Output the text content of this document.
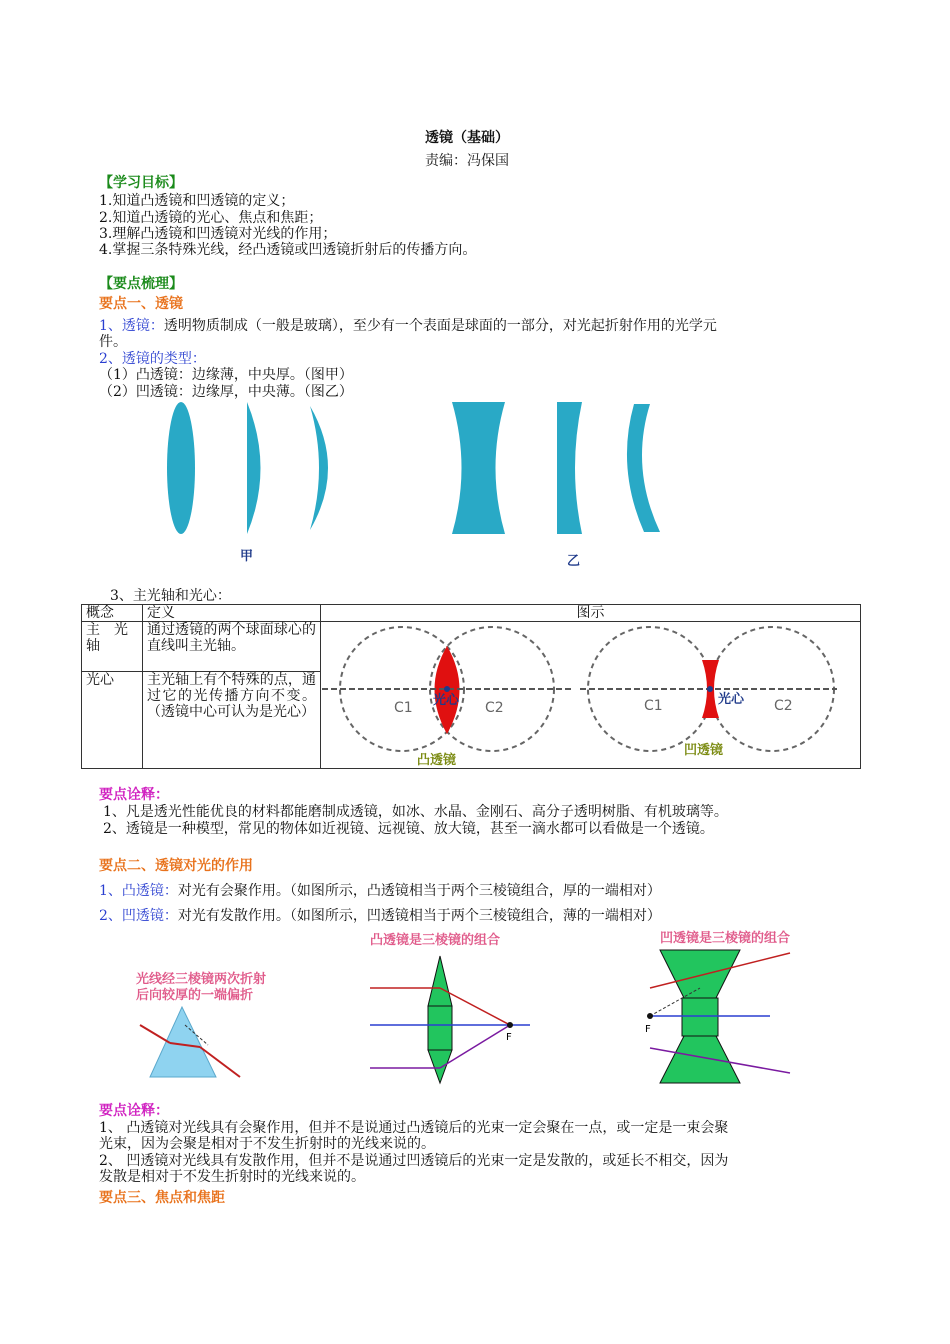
透镜（基础）
责编：冯保国
【学习目标】
1.知道凸透镜和凹透镜的定义；
2.知道凸透镜的光心、焦点和焦距；
3.理解凸透镜和凹透镜对光线的作用；
4.掌握三条特殊光线，经凸透镜或凹透镜折射后的传播方向。
【要点梳理】
要点一、透镜
1、透镜：透明物质制成（一般是玻璃），至少有一个表面是球面的一部分，对光起折射作用的光学元
件。
2、透镜的类型：
（1）凸透镜：边缘薄，中央厚。（图甲）
（2）凹透镜：边缘厚，中央薄。（图乙）
甲	乙
3、主光轴和光心：
概念	定义	图示
主　光轴	通过透镜的两个球面球心的直线叫主光轴。	
光心	主光轴上有个特殊的点，通过它的光传播方向不变。（透镜中心可认为是光心）	
光心
C1	C2
凸透镜
光心
C1	C2
凹透镜
要点诠释：
1、凡是透光性能优良的材料都能磨制成透镜，如冰、水晶、金刚石、高分子透明树脂、有机玻璃等。
2、透镜是一种模型，常见的物体如近视镜、远视镜、放大镜，甚至一滴水都可以看做是一个透镜。
要点二、透镜对光的作用
1、凸透镜：对光有会聚作用。（如图所示，凸透镜相当于两个三棱镜组合，厚的一端相对）
2、凹透镜：对光有发散作用。（如图所示，凹透镜相当于两个三棱镜组合，薄的一端相对）
光线经三棱镜两次折射
后向较厚的一端偏折
凸透镜是三棱镜的组合
F
凹透镜是三棱镜的组合
F
要点诠释：
1、 凸透镜对光线具有会聚作用，但并不是说通过凸透镜后的光束一定会聚在一点，或一定是一束会聚
光束，因为会聚是相对于不发生折射时的光线来说的。
2、 凹透镜对光线具有发散作用，但并不是说通过凹透镜后的光束一定是发散的，或延长不相交，因为
发散是相对于不发生折射时的光线来说的。
要点三、焦点和焦距
